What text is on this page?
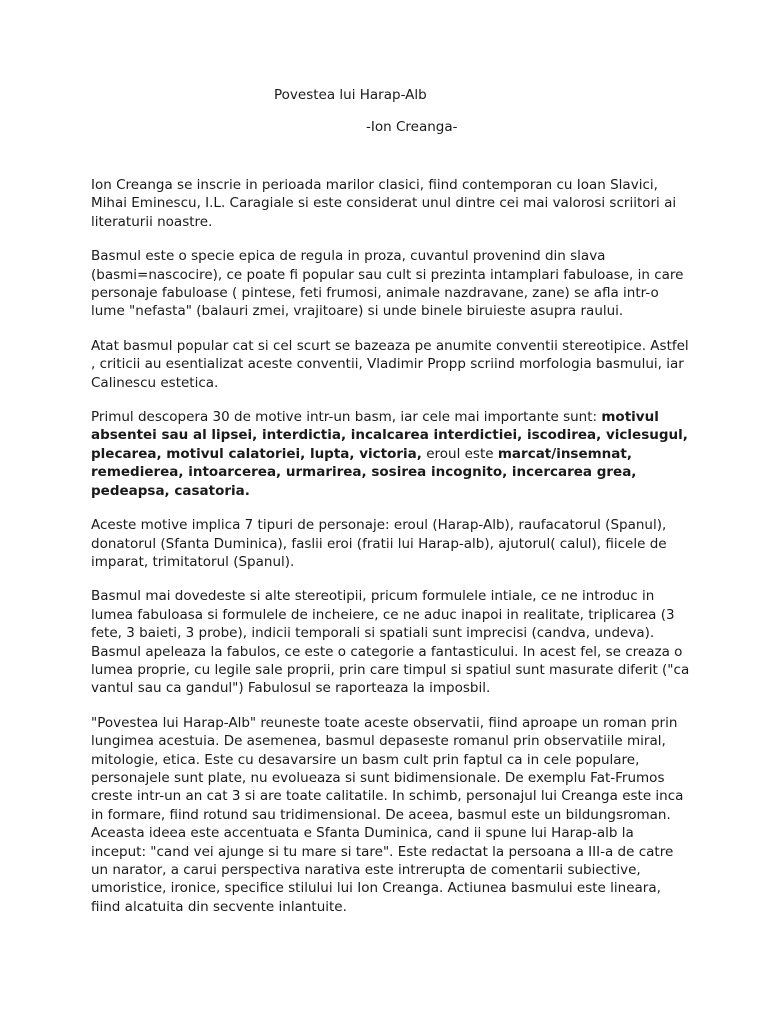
Povestea lui Harap-Alb
-Ion Creanga-

Ion Creanga se inscrie in perioada marilor clasici, fiind contemporan cu Ioan Slavici, Mihai Eminescu, I.L. Caragiale si este considerat unul dintre cei mai valorosi scriitori ai literaturii noastre.

Basmul este o specie epica de regula in proza, cuvantul provenind din slava (basmi=nascocire), ce poate fi popular sau cult si prezinta intamplari fabuloase, in care personaje fabuloase ( pintese, feti frumosi, animale nazdravane, zane) se afla intr-o lume "nefasta" (balauri zmei, vrajitoare) si unde binele biruieste asupra raului.

Atat basmul popular cat si cel scurt se bazeaza pe anumite conventii stereotipice. Astfel , criticii au esentializat aceste conventii, Vladimir Propp scriind morfologia basmului, iar Calinescu estetica.

Primul descopera 30 de motive intr-un basm, iar cele mai importante sunt: motivul absentei sau al lipsei, interdictia, incalcarea interdictiei, iscodirea, viclesugul, plecarea, motivul calatoriei, lupta, victoria, eroul este marcat/insemnat, remedierea, intoarcerea, urmarirea, sosirea incognito, incercarea grea, pedeapsa, casatoria.

Aceste motive implica 7 tipuri de personaje: eroul (Harap-Alb), raufacatorul (Spanul), donatorul (Sfanta Duminica), faslii eroi (fratii lui Harap-alb), ajutorul( calul), fiicele de imparat, trimitatorul (Spanul).

Basmul mai dovedeste si alte stereotipii, pricum formulele intiale, ce ne introduc in lumea fabuloasa si formulele de incheiere, ce ne aduc inapoi in realitate, triplicarea (3 fete, 3 baieti, 3 probe), indicii temporali si spatiali sunt imprecisi (candva, undeva). Basmul apeleaza la fabulos, ce este o categorie a fantasticului. In acest fel, se creaza o lumea proprie, cu legile sale proprii, prin care timpul si spatiul sunt masurate diferit ("ca vantul sau ca gandul") Fabulosul se raporteaza la imposbil.

"Povestea lui Harap-Alb" reuneste toate aceste observatii, fiind aproape un roman prin lungimea acestuia. De asemenea, basmul depaseste romanul prin observatiile miral, mitologie, etica. Este cu desavarsire un basm cult prin faptul ca in cele populare, personajele sunt plate, nu evolueaza si sunt bidimensionale. De exemplu Fat-Frumos creste intr-un an cat 3 si are toate calitatile. In schimb, personajul lui Creanga este inca in formare, fiind rotund sau tridimensional. De aceea, basmul este un bildungsroman. Aceasta ideea este accentuata e Sfanta Duminica, cand ii spune lui Harap-alb la inceput: "cand vei ajunge si tu mare si tare". Este redactat la persoana a III-a de catre un narator, a carui perspectiva narativa este intrerupta de comentarii subiective, umoristice, ironice, specifice stilului lui Ion Creanga. Actiunea basmului este lineara, fiind alcatuita din secvente inlantuite.
